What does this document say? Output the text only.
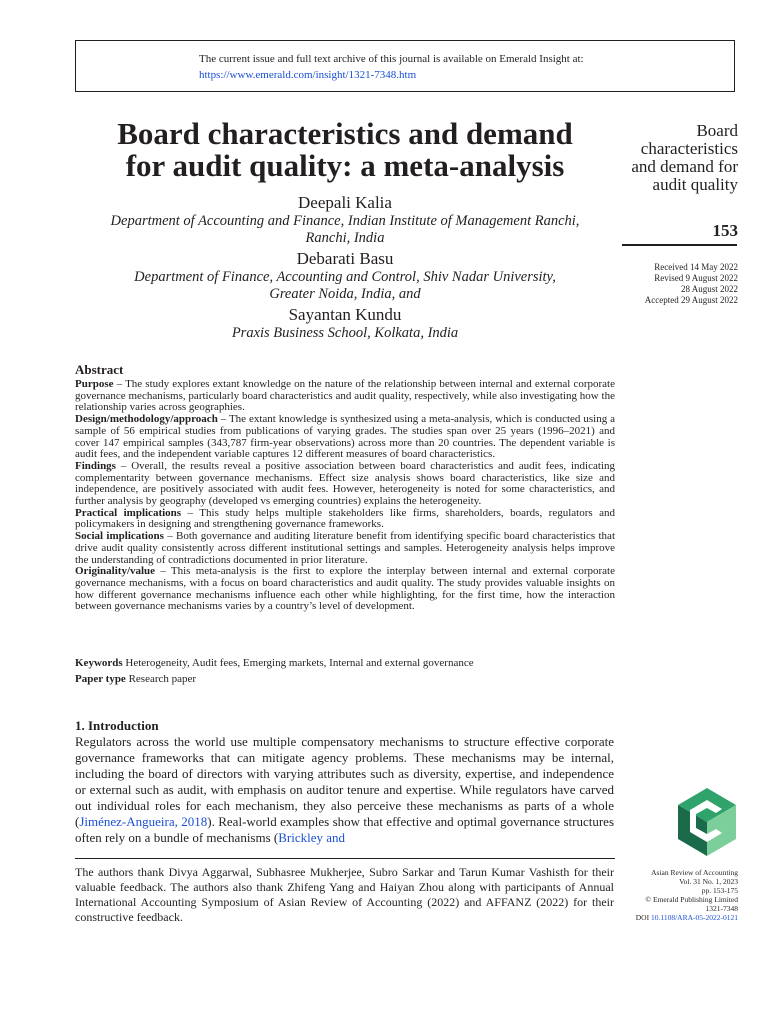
The current issue and full text archive of this journal is available on Emerald Insight at:
https://www.emerald.com/insight/1321-7348.htm
Board characteristics and demand
for audit quality: a meta-analysis
Deepali Kalia
Department of Accounting and Finance, Indian Institute of Management Ranchi,
Ranchi, India
Debarati Basu
Department of Finance, Accounting and Control, Shiv Nadar University,
Greater Noida, India, and
Sayantan Kundu
Praxis Business School, Kolkata, India
Board
characteristics
and demand for
audit quality
153
Received 14 May 2022
Revised 9 August 2022
28 August 2022
Accepted 29 August 2022
Abstract

Purpose – The study explores extant knowledge on the nature of the relationship between internal and external corporate governance mechanisms, particularly board characteristics and audit quality, respectively, while also investigating how the relationship varies across geographies.

Design/methodology/approach – The extant knowledge is synthesized using a meta-analysis, which is conducted using a sample of 56 empirical studies from publications of varying grades. The studies span over 25 years (1996–2021) and cover 147 empirical samples (343,787 firm-year observations) across more than 20 countries. The dependent variable is audit fees, and the independent variable captures 12 different measures of board characteristics.

Findings – Overall, the results reveal a positive association between board characteristics and audit fees, indicating complementarity between governance mechanisms. Effect size analysis shows board characteristics, like size and independence, are positively associated with audit fees. However, heterogeneity is noted for some characteristics, and further analysis by geography (developed vs emerging countries) explains the heterogeneity.

Practical implications – This study helps multiple stakeholders like firms, shareholders, boards, regulators and policymakers in designing and strengthening governance frameworks.

Social implications – Both governance and auditing literature benefit from identifying specific board characteristics that drive audit quality consistently across different institutional settings and samples. Heterogeneity analysis helps improve the understanding of contradictions documented in prior literature.

Originality/value – This meta-analysis is the first to explore the interplay between internal and external corporate governance mechanisms, with a focus on board characteristics and audit quality. The study provides valuable insights on how different governance mechanisms influence each other while highlighting, for the first time, how the interaction between governance mechanisms varies by a country’s level of development.

Keywords Heterogeneity, Audit fees, Emerging markets, Internal and external governance
Paper type Research paper
1. Introduction
Regulators across the world use multiple compensatory mechanisms to structure effective corporate governance frameworks that can mitigate agency problems. These mechanisms may be internal, including the board of directors with varying attributes such as diversity, expertise, and independence or external such as audit, with emphasis on auditor tenure and expertise. While regulators have carved out individual roles for each mechanism, they also perceive these mechanisms as parts of a whole (Jiménez-Angueira, 2018). Real-world examples show that effective and optimal governance structures often rely on a bundle of mechanisms (Brickley and
The authors thank Divya Aggarwal, Subhasree Mukherjee, Subro Sarkar and Tarun Kumar Vashisth for their valuable feedback. The authors also thank Zhifeng Yang and Haiyan Zhou along with participants of Annual International Accounting Symposium of Asian Review of Accounting (2022) and AFFANZ (2022) for their constructive feedback.
Asian Review of Accounting
Vol. 31 No. 1, 2023
pp. 153-175
© Emerald Publishing Limited
1321-7348
DOI 10.1108/ARA-05-2022-0121
